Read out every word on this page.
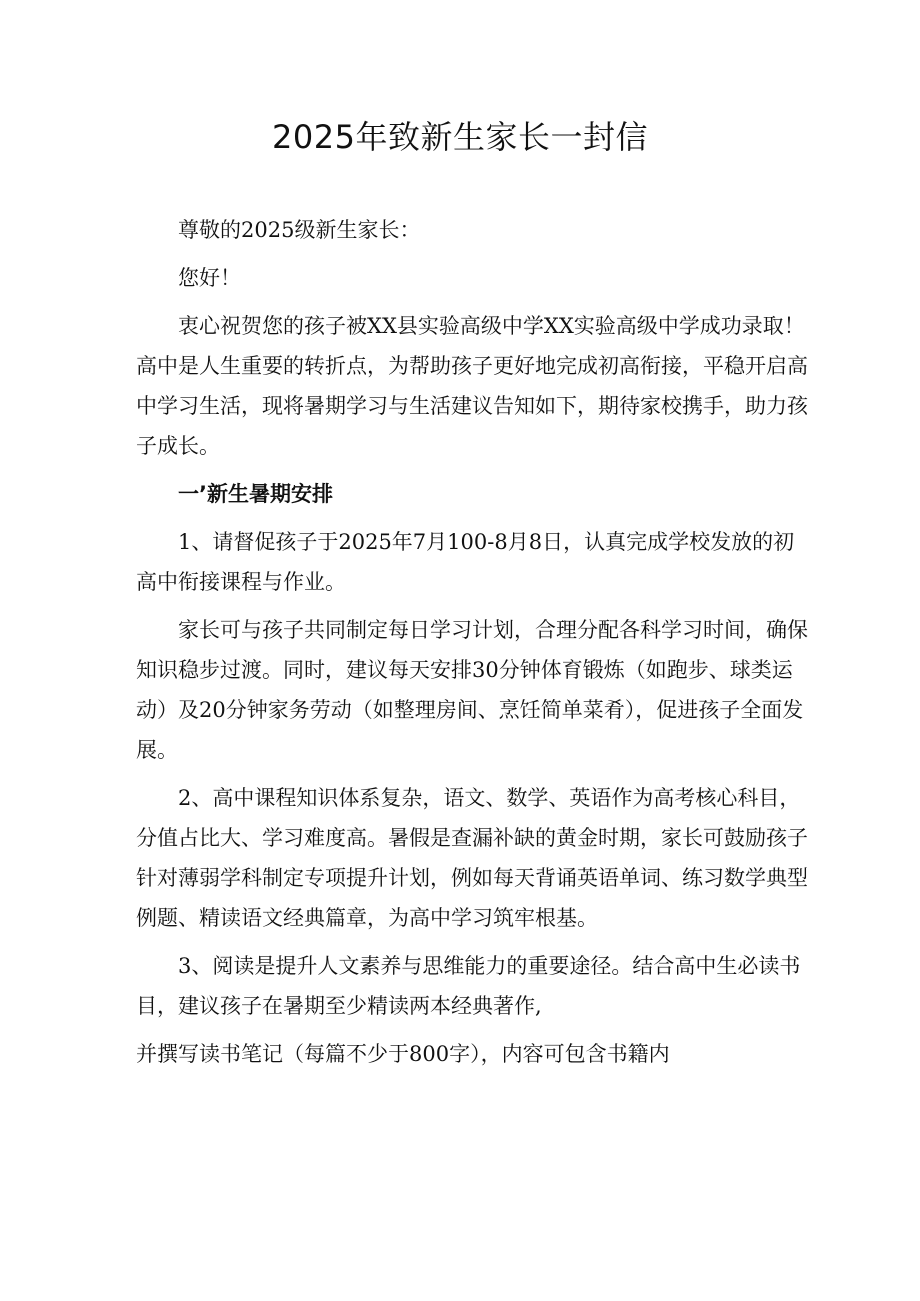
2025年致新生家长一封信

尊敬的2025级新生家长：

您好！

衷心祝贺您的孩子被XX县实验高级中学XX实验高级中学成功录取！高中是人生重要的转折点，为帮助孩子更好地完成初高衔接，平稳开启高中学习生活，现将暑期学习与生活建议告知如下，期待家校携手，助力孩子成长。

一’新生暑期安排

1、请督促孩子于2025年7月100-8月8日，认真完成学校发放的初高中衔接课程与作业。

家长可与孩子共同制定每日学习计划，合理分配各科学习时间，确保知识稳步过渡。同时，建议每天安排30分钟体育锻炼（如跑步、球类运动）及20分钟家务劳动（如整理房间、烹饪简单菜肴），促进孩子全面发展。

2、高中课程知识体系复杂，语文、数学、英语作为高考核心科目，分值占比大、学习难度高。暑假是查漏补缺的黄金时期，家长可鼓励孩子针对薄弱学科制定专项提升计划，例如每天背诵英语单词、练习数学典型例题、精读语文经典篇章，为高中学习筑牢根基。

3、阅读是提升人文素养与思维能力的重要途径。结合高中生必读书目，建议孩子在暑期至少精读两本经典著作,

并撰写读书笔记（每篇不少于800字），内容可包含书籍内
